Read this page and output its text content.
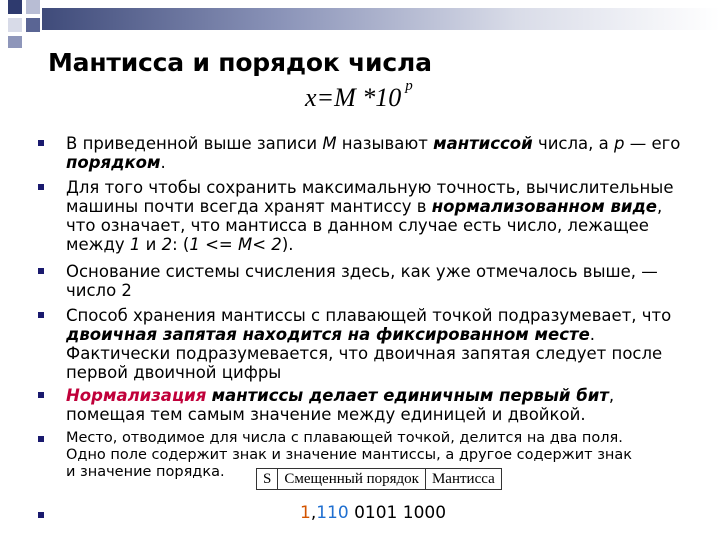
Мантисса и порядок числа
x=M *10 $^p$
В приведенной выше записи M называют мантиссой числа, а p — его порядком.
Для того чтобы сохранить максимальную точность, вычислительные машины почти всегда хранят мантиссу в нормализованном виде, что означает, что мантисса в данном случае есть число, лежащее между 1 и 2: (1 <= M< 2).
Основание системы счисления здесь, как уже отмечалось выше, — число 2
Способ хранения мантиссы с плавающей точкой подразумевает, что двоичная запятая находится на фиксированном месте. Фактически подразумевается, что двоичная запятая следует после первой двоичной цифры
Нормализация мантиссы делает единичным первый бит, помещая тем самым значение между единицей и двойкой.
Место, отводимое для числа с плавающей точкой, делится на два поля. Одно поле содержит знак и значение мантиссы, а другое содержит знак и значение порядка.	S	Смещенный порядок	Мантисса
1,110 0101 1000
